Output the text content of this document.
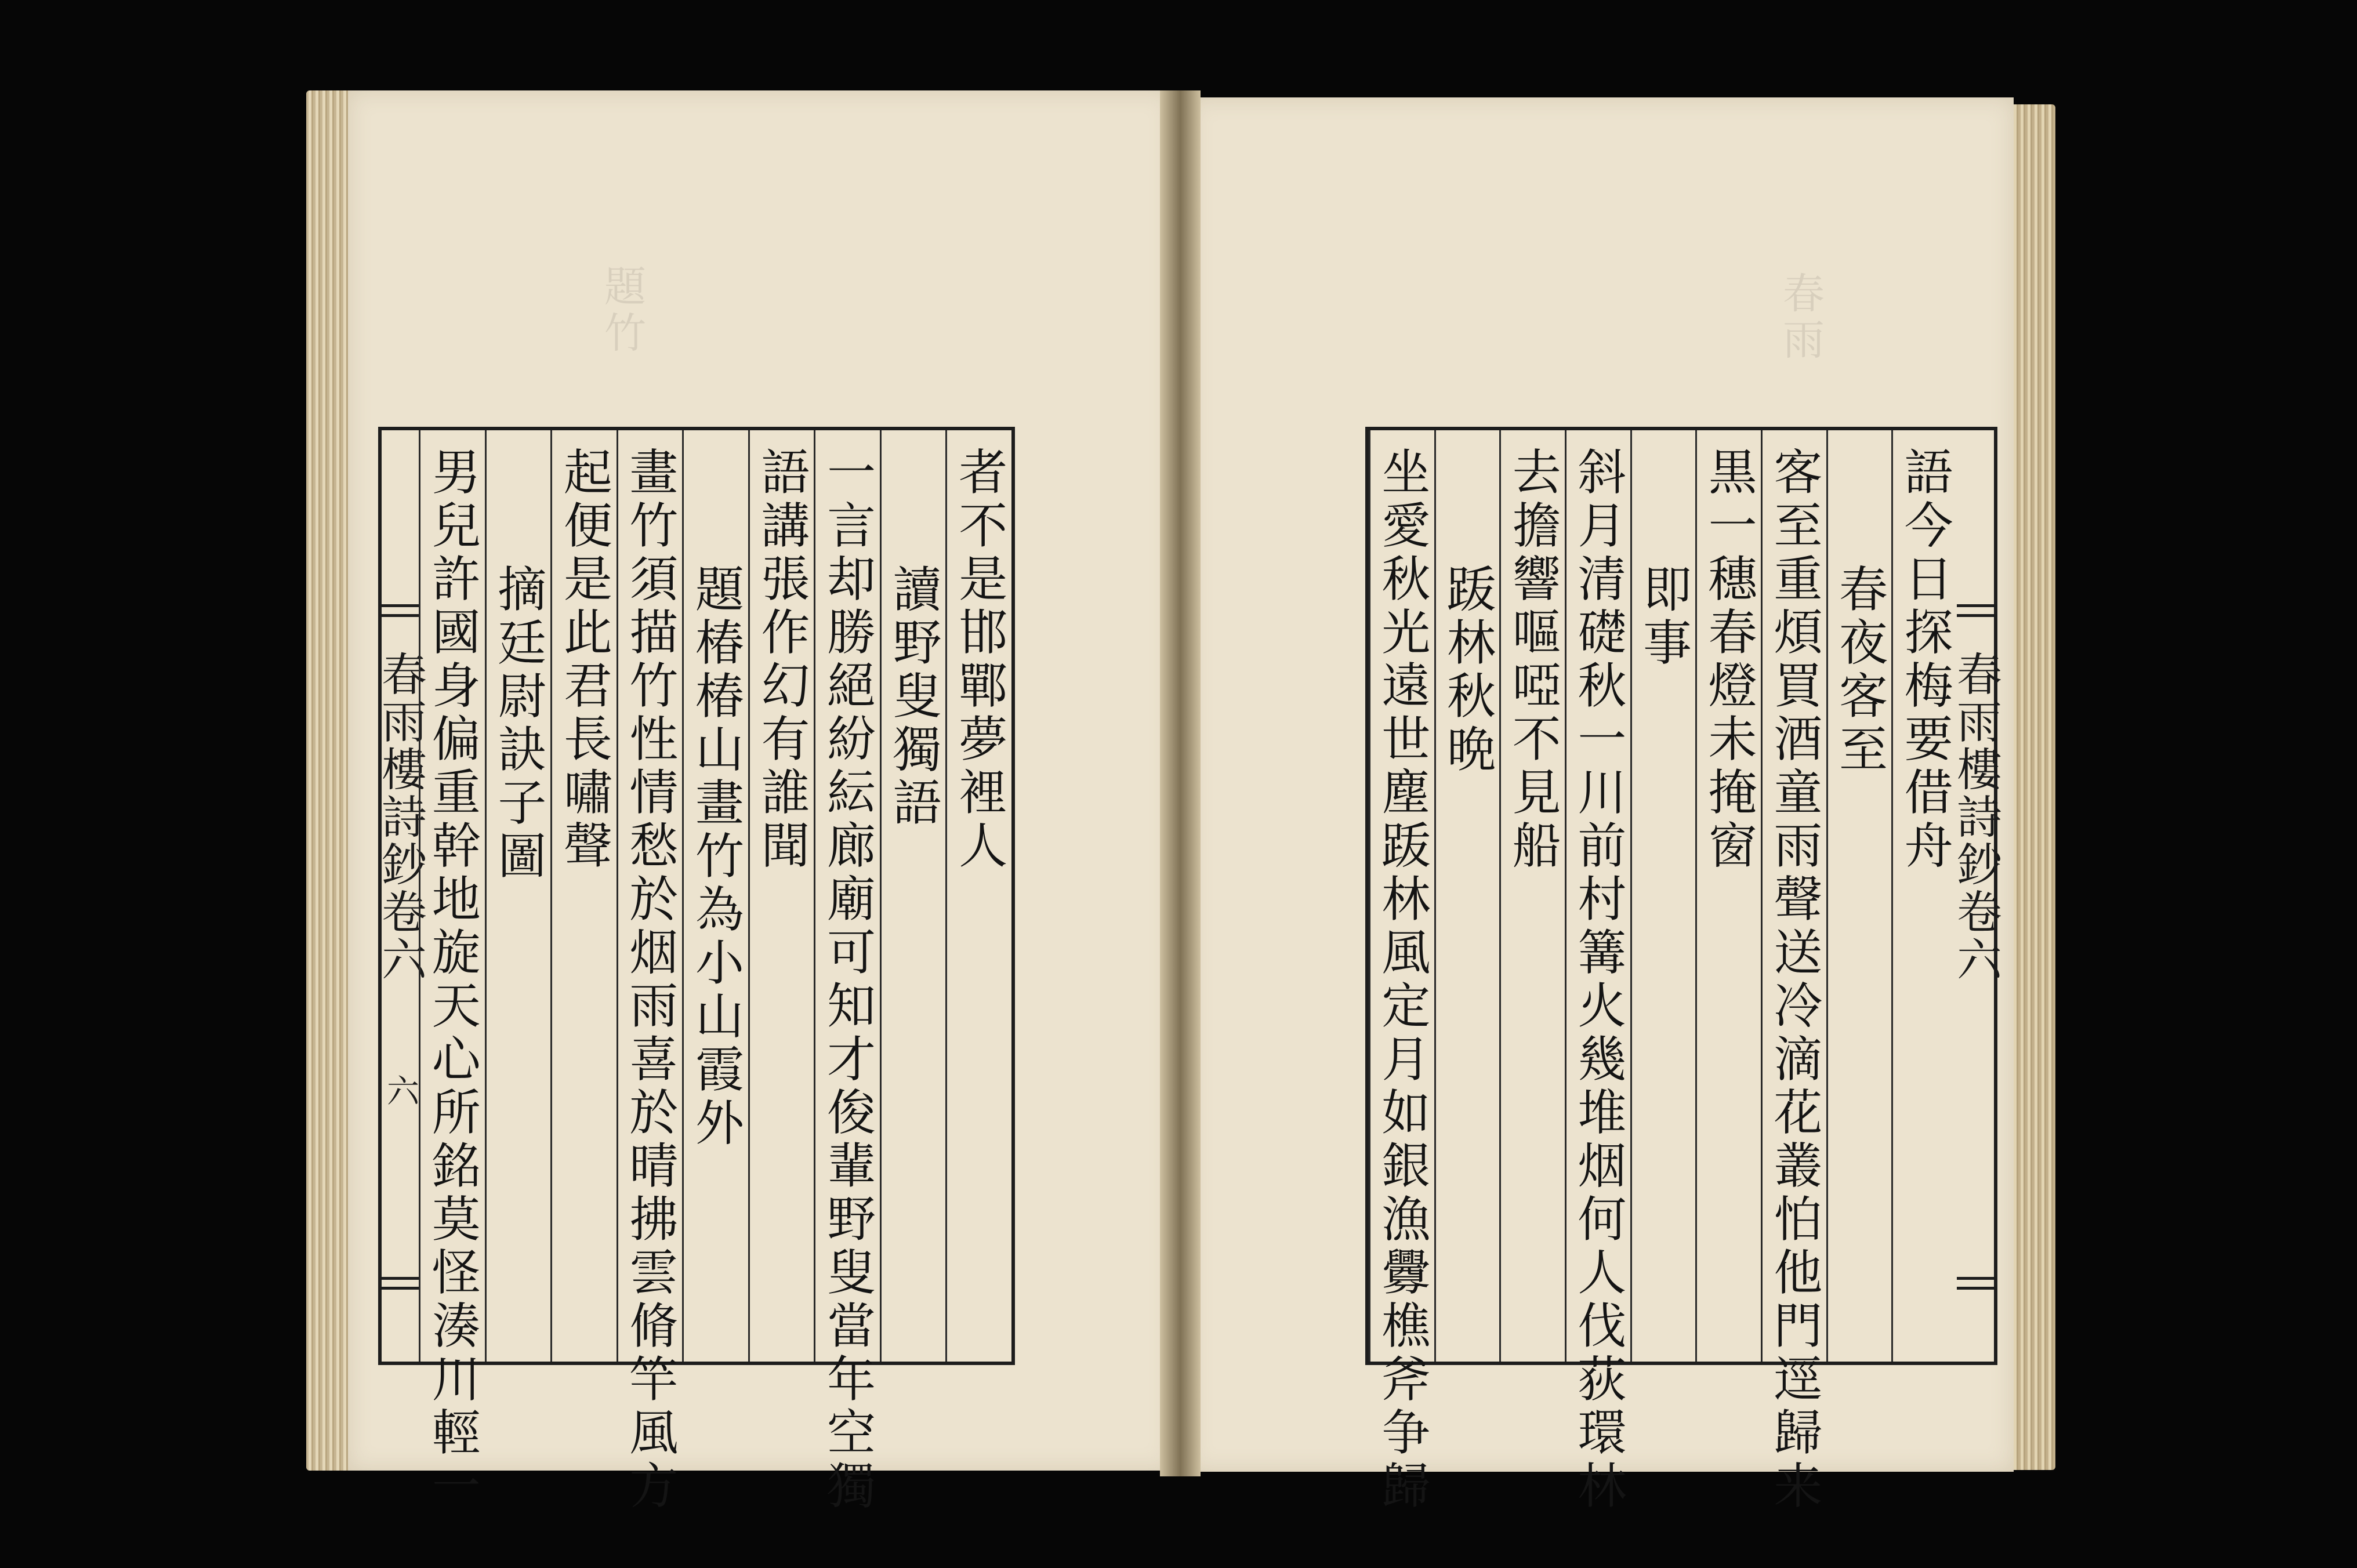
題竹	春雨
春雨樓詩鈔卷六
六
者不是邯鄲夢裡人
讀野叟獨語
一言却勝絕紛紜廊廟可知才俊輩野叟當年空獨
語講張作幻有誰聞
題椿椿山畫竹為小山霞外
畫竹須描竹性情愁於烟雨喜於晴拂雲脩竿風方
起便是此君長嘯聲
摘廷尉訣子圖
男兒許國身偏重幹地旋天心所銘莫怪湊川輕一	語今日探梅要借舟
春夜客至
客至重煩買酒童雨聲送冷滴花叢怕他門逕歸来
黒一穗春燈未掩窗
即事
斜月清礎秋一川前村篝火幾堆烟何人伐荻環林
去擔響嘔啞不見船
䟦林秋晩
坐愛秋光遠世塵䟦林風定月如銀漁釁樵斧争歸	春雨樓詩鈔卷六
